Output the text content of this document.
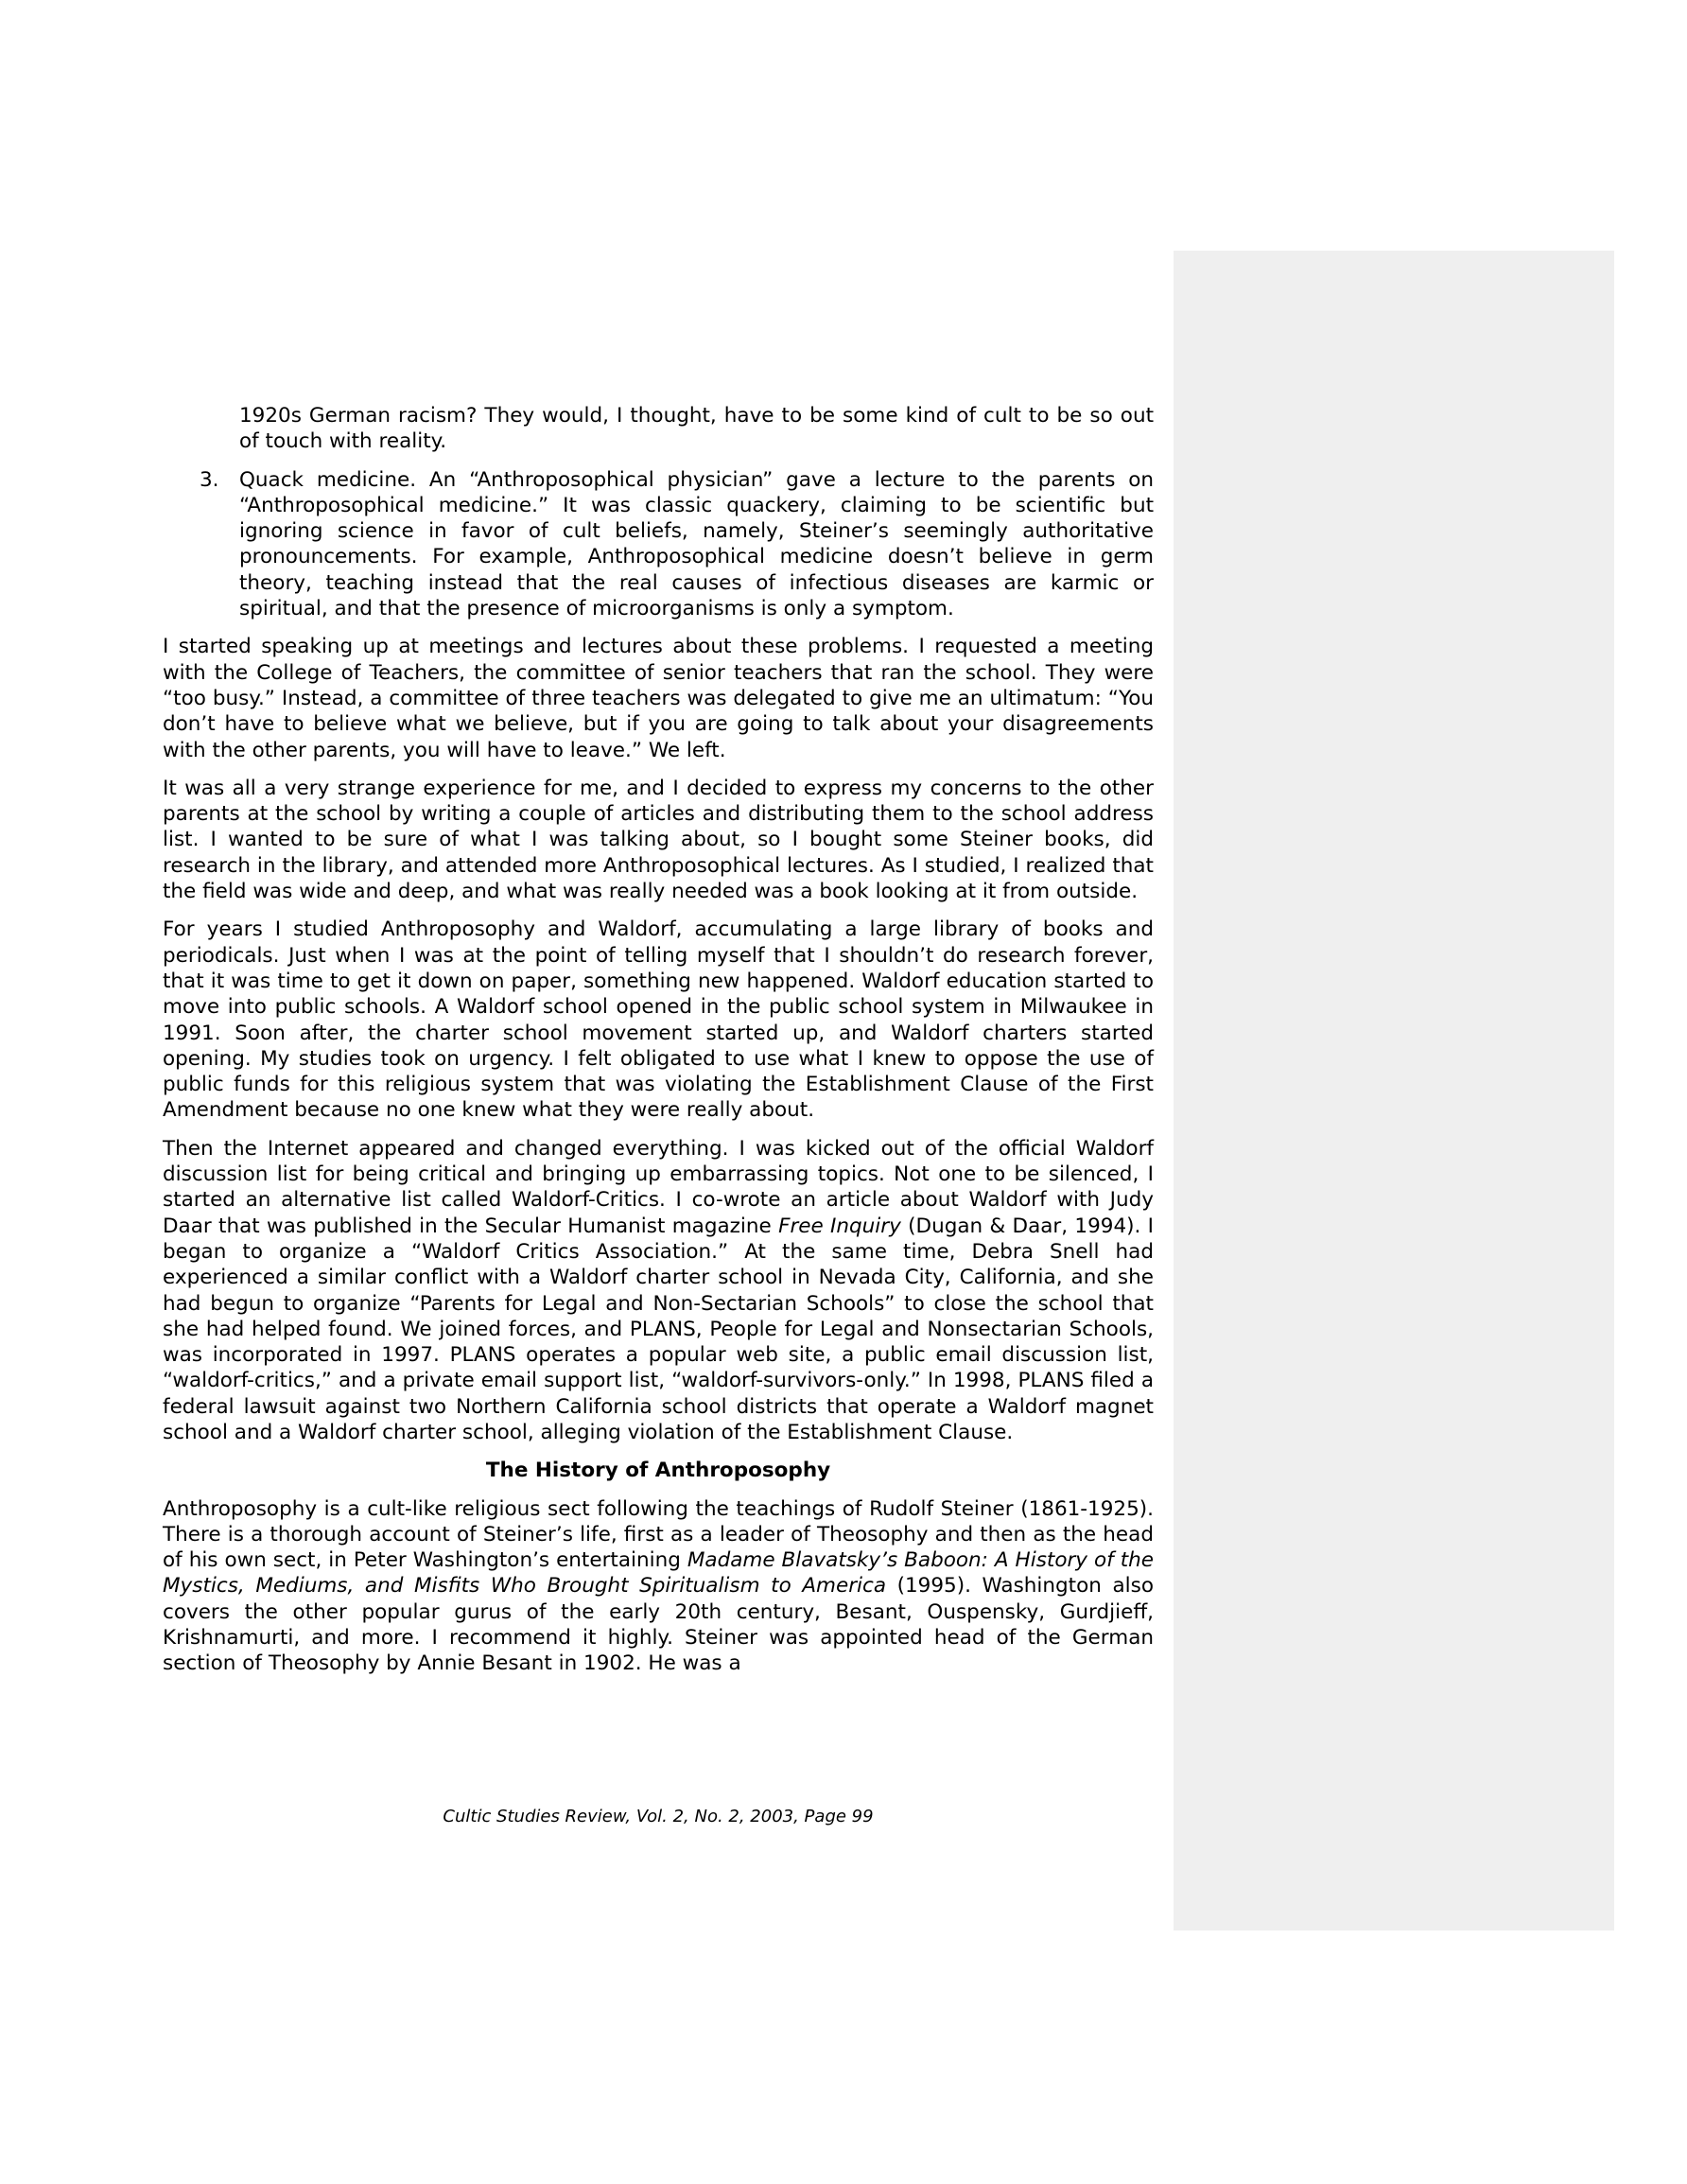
1920s German racism? They would, I thought, have to be some kind of cult to be so out of touch with reality.

3. Quack medicine. An “Anthroposophical physician” gave a lecture to the parents on “Anthroposophical medicine.” It was classic quackery, claiming to be scientific but ignoring science in favor of cult beliefs, namely, Steiner’s seemingly authoritative pronouncements. For example, Anthroposophical medicine doesn’t believe in germ theory, teaching instead that the real causes of infectious diseases are karmic or spiritual, and that the presence of microorganisms is only a symptom.

I started speaking up at meetings and lectures about these problems. I requested a meeting with the College of Teachers, the committee of senior teachers that ran the school. They were “too busy.” Instead, a committee of three teachers was delegated to give me an ultimatum: “You don’t have to believe what we believe, but if you are going to talk about your disagreements with the other parents, you will have to leave.” We left.

It was all a very strange experience for me, and I decided to express my concerns to the other parents at the school by writing a couple of articles and distributing them to the school address list. I wanted to be sure of what I was talking about, so I bought some Steiner books, did research in the library, and attended more Anthroposophical lectures. As I studied, I realized that the field was wide and deep, and what was really needed was a book looking at it from outside.

For years I studied Anthroposophy and Waldorf, accumulating a large library of books and periodicals. Just when I was at the point of telling myself that I shouldn’t do research forever, that it was time to get it down on paper, something new happened. Waldorf education started to move into public schools. A Waldorf school opened in the public school system in Milwaukee in 1991. Soon after, the charter school movement started up, and Waldorf charters started opening. My studies took on urgency. I felt obligated to use what I knew to oppose the use of public funds for this religious system that was violating the Establishment Clause of the First Amendment because no one knew what they were really about.

Then the Internet appeared and changed everything. I was kicked out of the official Waldorf discussion list for being critical and bringing up embarrassing topics. Not one to be silenced, I started an alternative list called Waldorf-Critics. I co-wrote an article about Waldorf with Judy Daar that was published in the Secular Humanist magazine Free Inquiry (Dugan & Daar, 1994). I began to organize a “Waldorf Critics Association.” At the same time, Debra Snell had experienced a similar conflict with a Waldorf charter school in Nevada City, California, and she had begun to organize “Parents for Legal and Non-Sectarian Schools” to close the school that she had helped found. We joined forces, and PLANS, People for Legal and Nonsectarian Schools, was incorporated in 1997. PLANS operates a popular web site, a public email discussion list, “waldorf-critics,” and a private email support list, “waldorf-survivors-only.” In 1998, PLANS filed a federal lawsuit against two Northern California school districts that operate a Waldorf magnet school and a Waldorf charter school, alleging violation of the Establishment Clause.

The History of Anthroposophy

Anthroposophy is a cult-like religious sect following the teachings of Rudolf Steiner (1861-1925). There is a thorough account of Steiner’s life, first as a leader of Theosophy and then as the head of his own sect, in Peter Washington’s entertaining Madame Blavatsky’s Baboon: A History of the Mystics, Mediums, and Misfits Who Brought Spiritualism to America (1995). Washington also covers the other popular gurus of the early 20th century, Besant, Ouspensky, Gurdjieff, Krishnamurti, and more. I recommend it highly. Steiner was appointed head of the German section of Theosophy by Annie Besant in 1902. He was a

Cultic Studies Review, Vol. 2, No. 2, 2003, Page 99
